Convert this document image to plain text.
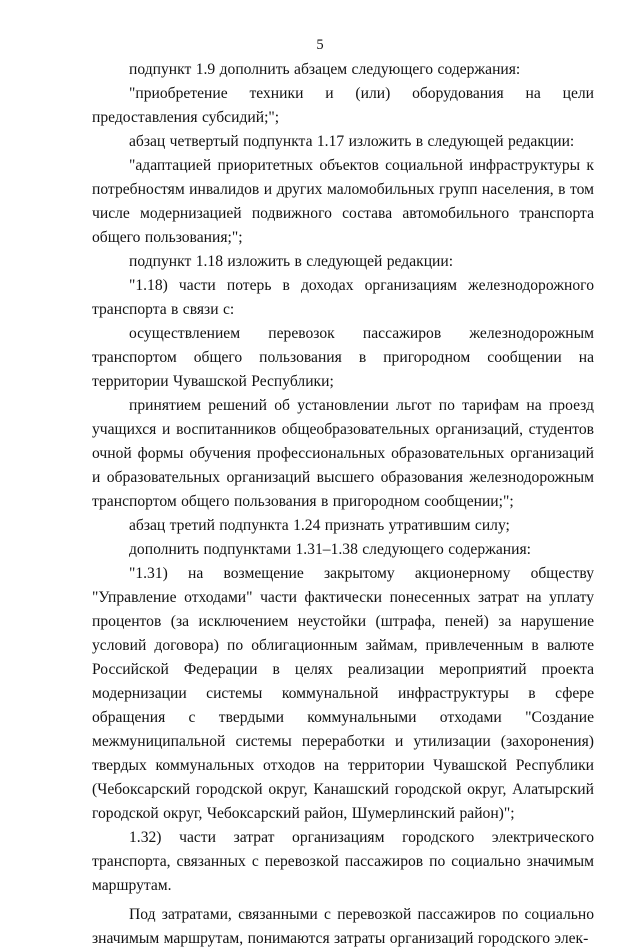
5

подпункт 1.9 дополнить абзацем следующего содержания:

"приобретение техники и (или) оборудования на цели предоставления субсидий;";

абзац четвертый подпункта 1.17 изложить в следующей редакции:

"адаптацией приоритетных объектов социальной инфраструктуры к потребностям инвалидов и других маломобильных групп населения, в том числе модернизацией подвижного состава автомобильного транспорта общего пользования;";

подпункт 1.18 изложить в следующей редакции:

"1.18) части потерь в доходах организациям железнодорожного транспорта в связи с:

осуществлением перевозок пассажиров железнодорожным транспортом общего пользования в пригородном сообщении на территории Чувашской Республики;

принятием решений об установлении льгот по тарифам на проезд учащихся и воспитанников общеобразовательных организаций, студентов очной формы обучения профессиональных образовательных организаций и образовательных организаций высшего образования железнодорожным транспортом общего пользования в пригородном сообщении;";

абзац третий подпункта 1.24 признать утратившим силу;

дополнить подпунктами 1.31–1.38 следующего содержания:

"1.31) на возмещение закрытому акционерному обществу "Управление отходами" части фактически понесенных затрат на уплату процентов (за исключением неустойки (штрафа, пеней) за нарушение условий договора) по облигационным займам, привлеченным в валюте Российской Федерации в целях реализации мероприятий проекта модернизации системы коммунальной инфраструктуры в сфере обращения с твердыми коммунальными отходами "Создание межмуниципальной системы переработки и утилизации (захоронения) твердых коммунальных отходов на территории Чувашской Республики (Чебоксарский городской округ, Канашский городской округ, Алатырский городской округ, Чебоксарский район, Шумерлинский район)";

1.32) части затрат организациям городского электрического транспорта, связанных с перевозкой пассажиров по социально значимым маршрутам.

Под затратами, связанными с перевозкой пассажиров по социально значимым маршрутам, понимаются затраты организаций городского элек-
